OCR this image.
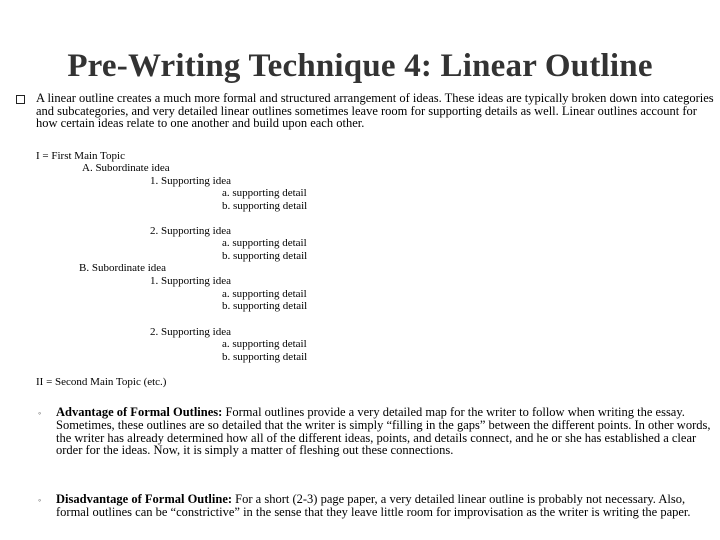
Pre-Writing Technique 4: Linear Outline
A linear outline creates a much more formal and structured arrangement of ideas. These ideas are typically broken down into categories and subcategories, and very detailed linear outlines sometimes leave room for supporting details as well. Linear outlines account for how certain ideas relate to one another and build upon each other.
I = First Main Topic
A. Subordinate idea
1. Supporting idea
a. supporting detail
b. supporting detail
2. Supporting idea
a. supporting detail
b. supporting detail
B. Subordinate idea
1. Supporting idea
a. supporting detail
b. supporting detail
2. Supporting idea
a. supporting detail
b. supporting detail
II = Second Main Topic (etc.)
◦ Advantage of Formal Outlines: Formal outlines provide a very detailed map for the writer to follow when writing the essay. Sometimes, these outlines are so detailed that the writer is simply “filling in the gaps” between the different points. In other words, the writer has already determined how all of the different ideas, points, and details connect, and he or she has established a clear order for the ideas. Now, it is simply a matter of fleshing out these connections.
◦ Disadvantage of Formal Outline: For a short (2-3) page paper, a very detailed linear outline is probably not necessary. Also, formal outlines can be “constrictive” in the sense that they leave little room for improvisation as the writer is writing the paper.
